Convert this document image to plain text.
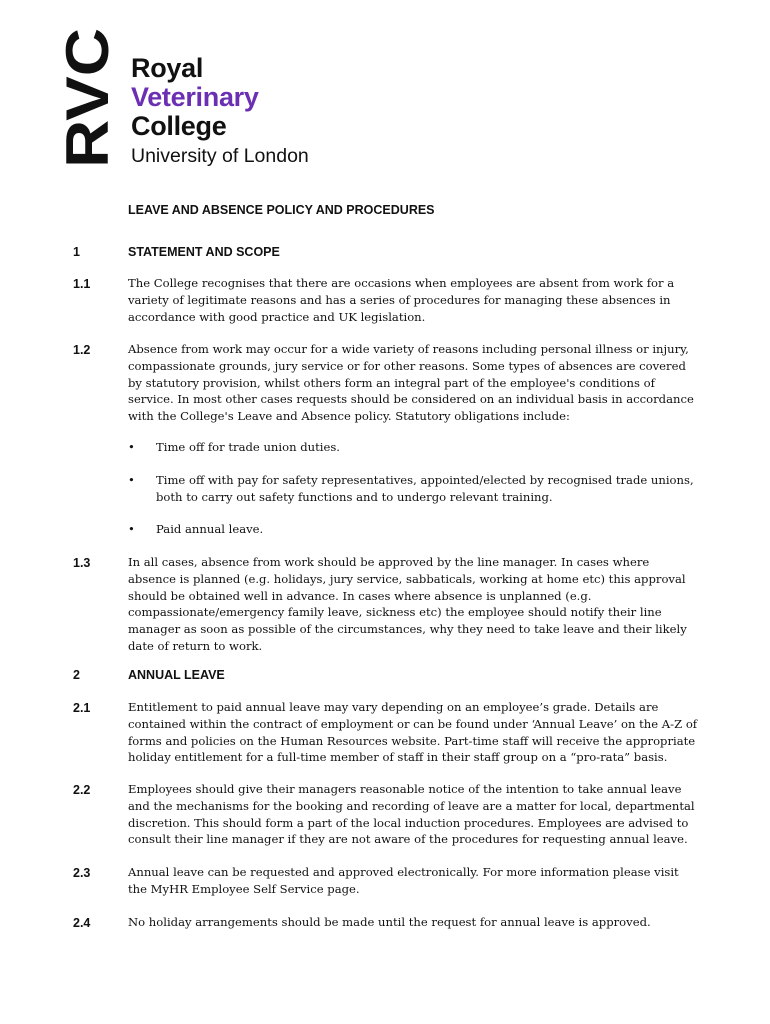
RVC Royal
Veterinary
College
University of London
LEAVE AND ABSENCE POLICY AND PROCEDURES
1	STATEMENT AND SCOPE
1.1	The College recognises that there are occasions when employees are absent from work for a variety of legitimate reasons and has a series of procedures for managing these absences in accordance with good practice and UK legislation.
1.2	Absence from work may occur for a wide variety of reasons including personal illness or injury, compassionate grounds, jury service or for other reasons. Some types of absences are covered by statutory provision, whilst others form an integral part of the employee's conditions of service. In most other cases requests should be considered on an individual basis in accordance with the College's Leave and Absence policy. Statutory obligations include:
•	Time off for trade union duties.
•	Time off with pay for safety representatives, appointed/elected by recognised trade unions, both to carry out safety functions and to undergo relevant training.
•	Paid annual leave.
1.3	In all cases, absence from work should be approved by the line manager. In cases where absence is planned (e.g. holidays, jury service, sabbaticals, working at home etc) this approval should be obtained well in advance. In cases where absence is unplanned (e.g. compassionate/emergency family leave, sickness etc) the employee should notify their line manager as soon as possible of the circumstances, why they need to take leave and their likely date of return to work.
2	ANNUAL LEAVE
2.1	Entitlement to paid annual leave may vary depending on an employee’s grade. Details are contained within the contract of employment or can be found under ‘Annual Leave’ on the A-Z of forms and policies on the Human Resources website. Part-time staff will receive the appropriate holiday entitlement for a full-time member of staff in their staff group on a “pro-rata” basis.
2.2	Employees should give their managers reasonable notice of the intention to take annual leave and the mechanisms for the booking and recording of leave are a matter for local, departmental discretion. This should form a part of the local induction procedures. Employees are advised to consult their line manager if they are not aware of the procedures for requesting annual leave.
2.3	Annual leave can be requested and approved electronically. For more information please visit the MyHR Employee Self Service page.
2.4	No holiday arrangements should be made until the request for annual leave is approved.
